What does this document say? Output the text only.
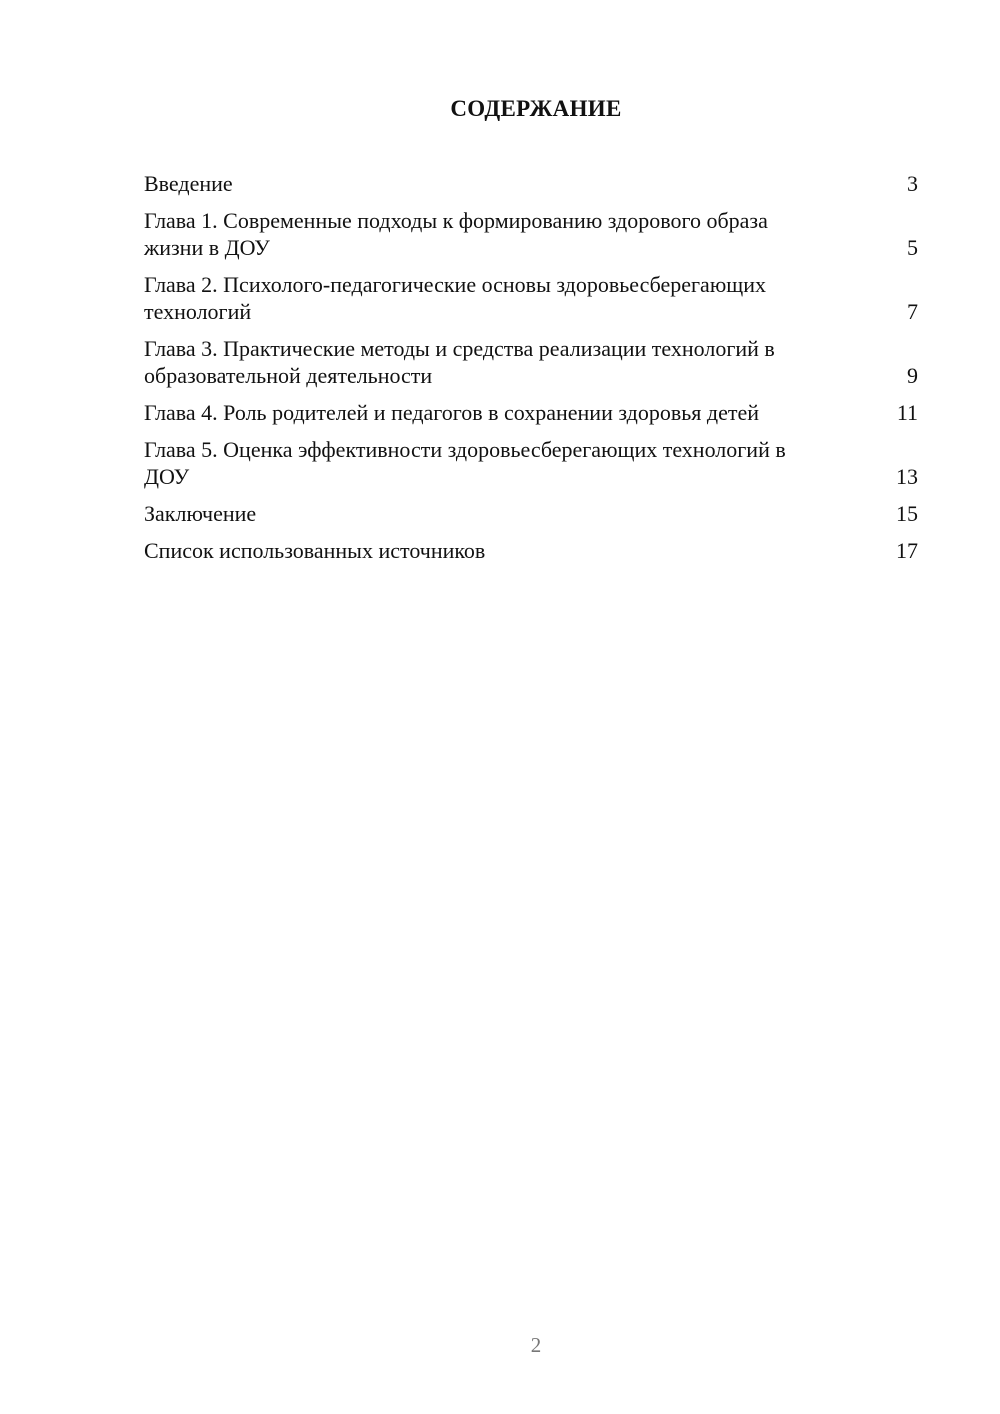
СОДЕРЖАНИЕ
Введение	3
Глава 1. Современные подходы к формированию здорового образа жизни в ДОУ	5
Глава 2. Психолого-педагогические основы здоровьесберегающих технологий	7
Глава 3. Практические методы и средства реализации технологий в образовательной деятельности	9
Глава 4. Роль родителей и педагогов в сохранении здоровья детей	11
Глава 5. Оценка эффективности здоровьесберегающих технологий в ДОУ	13
Заключение	15
Список использованных источников	17
2
